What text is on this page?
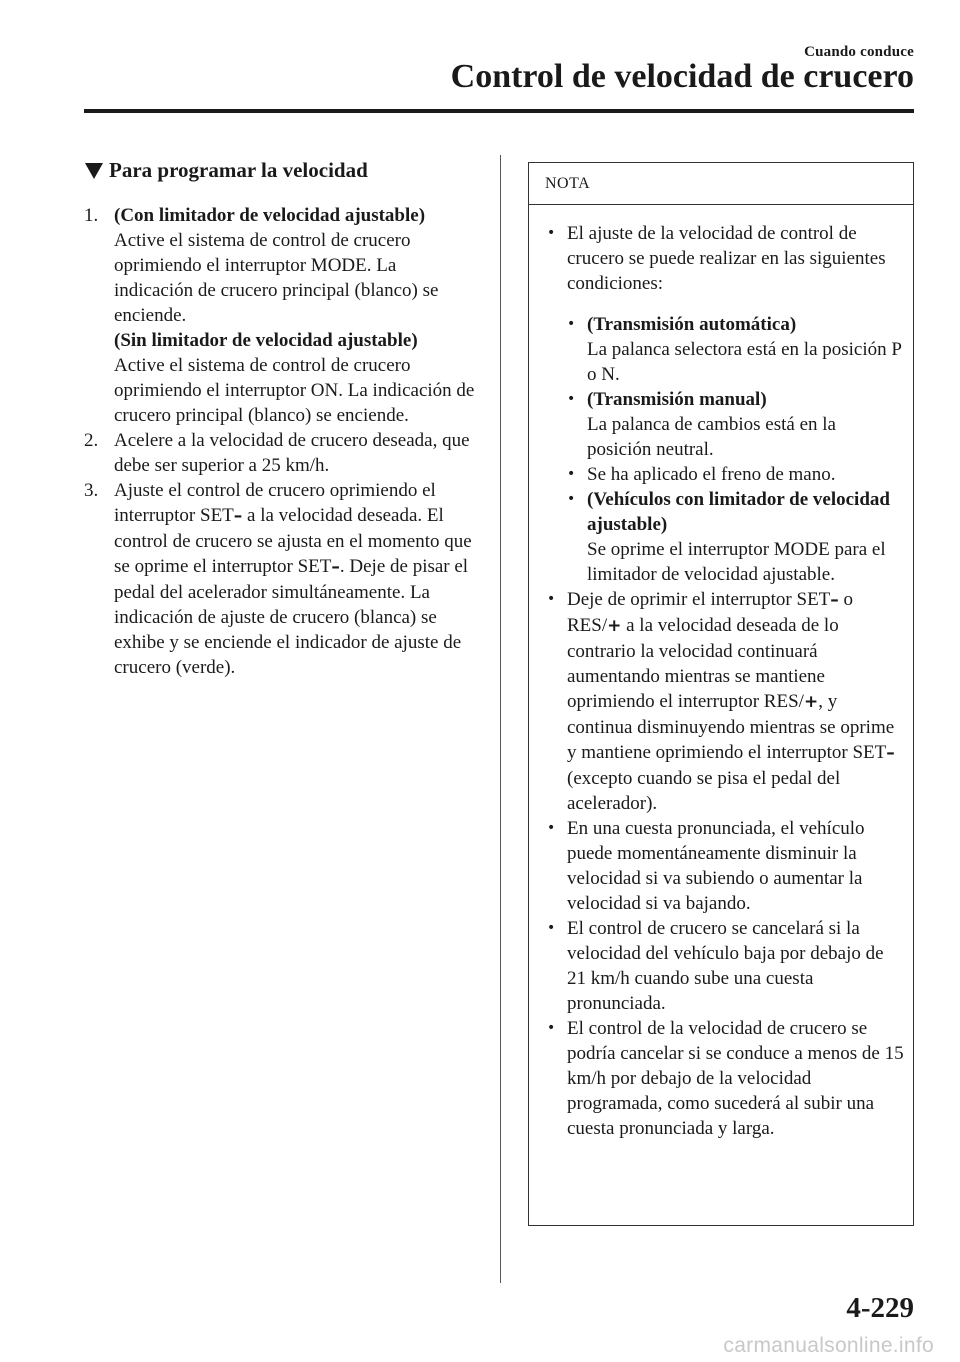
Cuando conduce
Control de velocidad de crucero
Para programar la velocidad
1. (Con limitador de velocidad ajustable)

Active el sistema de control de crucero oprimiendo el interruptor MODE. La indicación de crucero principal (blanco) se enciende.

(Sin limitador de velocidad ajustable)

Active el sistema de control de crucero oprimiendo el interruptor ON. La indicación de crucero principal (blanco) se enciende.

2. Acelere a la velocidad de crucero deseada, que debe ser superior a 25 km/h.

3. Ajuste el control de crucero oprimiendo el interruptor SET– a la velocidad deseada. El control de crucero se ajusta en el momento que se oprime el interruptor SET–. Deje de pisar el pedal del acelerador simultáneamente. La indicación de ajuste de crucero (blanca) se exhibe y se enciende el indicador de ajuste de crucero (verde).

NOTA

• El ajuste de la velocidad de control de crucero se puede realizar en las siguientes condiciones:

• (Transmisión automática)
La palanca selectora está en la posición P o N.

• (Transmisión manual)
La palanca de cambios está en la posición neutral.

• Se ha aplicado el freno de mano.

• (Vehículos con limitador de velocidad ajustable)
Se oprime el interruptor MODE para el limitador de velocidad ajustable.

• Deje de oprimir el interruptor SET– o RES/+ a la velocidad deseada de lo contrario la velocidad continuará aumentando mientras se mantiene oprimiendo el interruptor RES/+, y continua disminuyendo mientras se oprime y mantiene oprimiendo el interruptor SET– (excepto cuando se pisa el pedal del acelerador).

• En una cuesta pronunciada, el vehículo puede momentáneamente disminuir la velocidad si va subiendo o aumentar la velocidad si va bajando.

• El control de crucero se cancelará si la velocidad del vehículo baja por debajo de 21 km/h cuando sube una cuesta pronunciada.

• El control de la velocidad de crucero se podría cancelar si se conduce a menos de 15 km/h por debajo de la velocidad programada, como sucederá al subir una cuesta pronunciada y larga.

4-229
carmanualsonline.info
